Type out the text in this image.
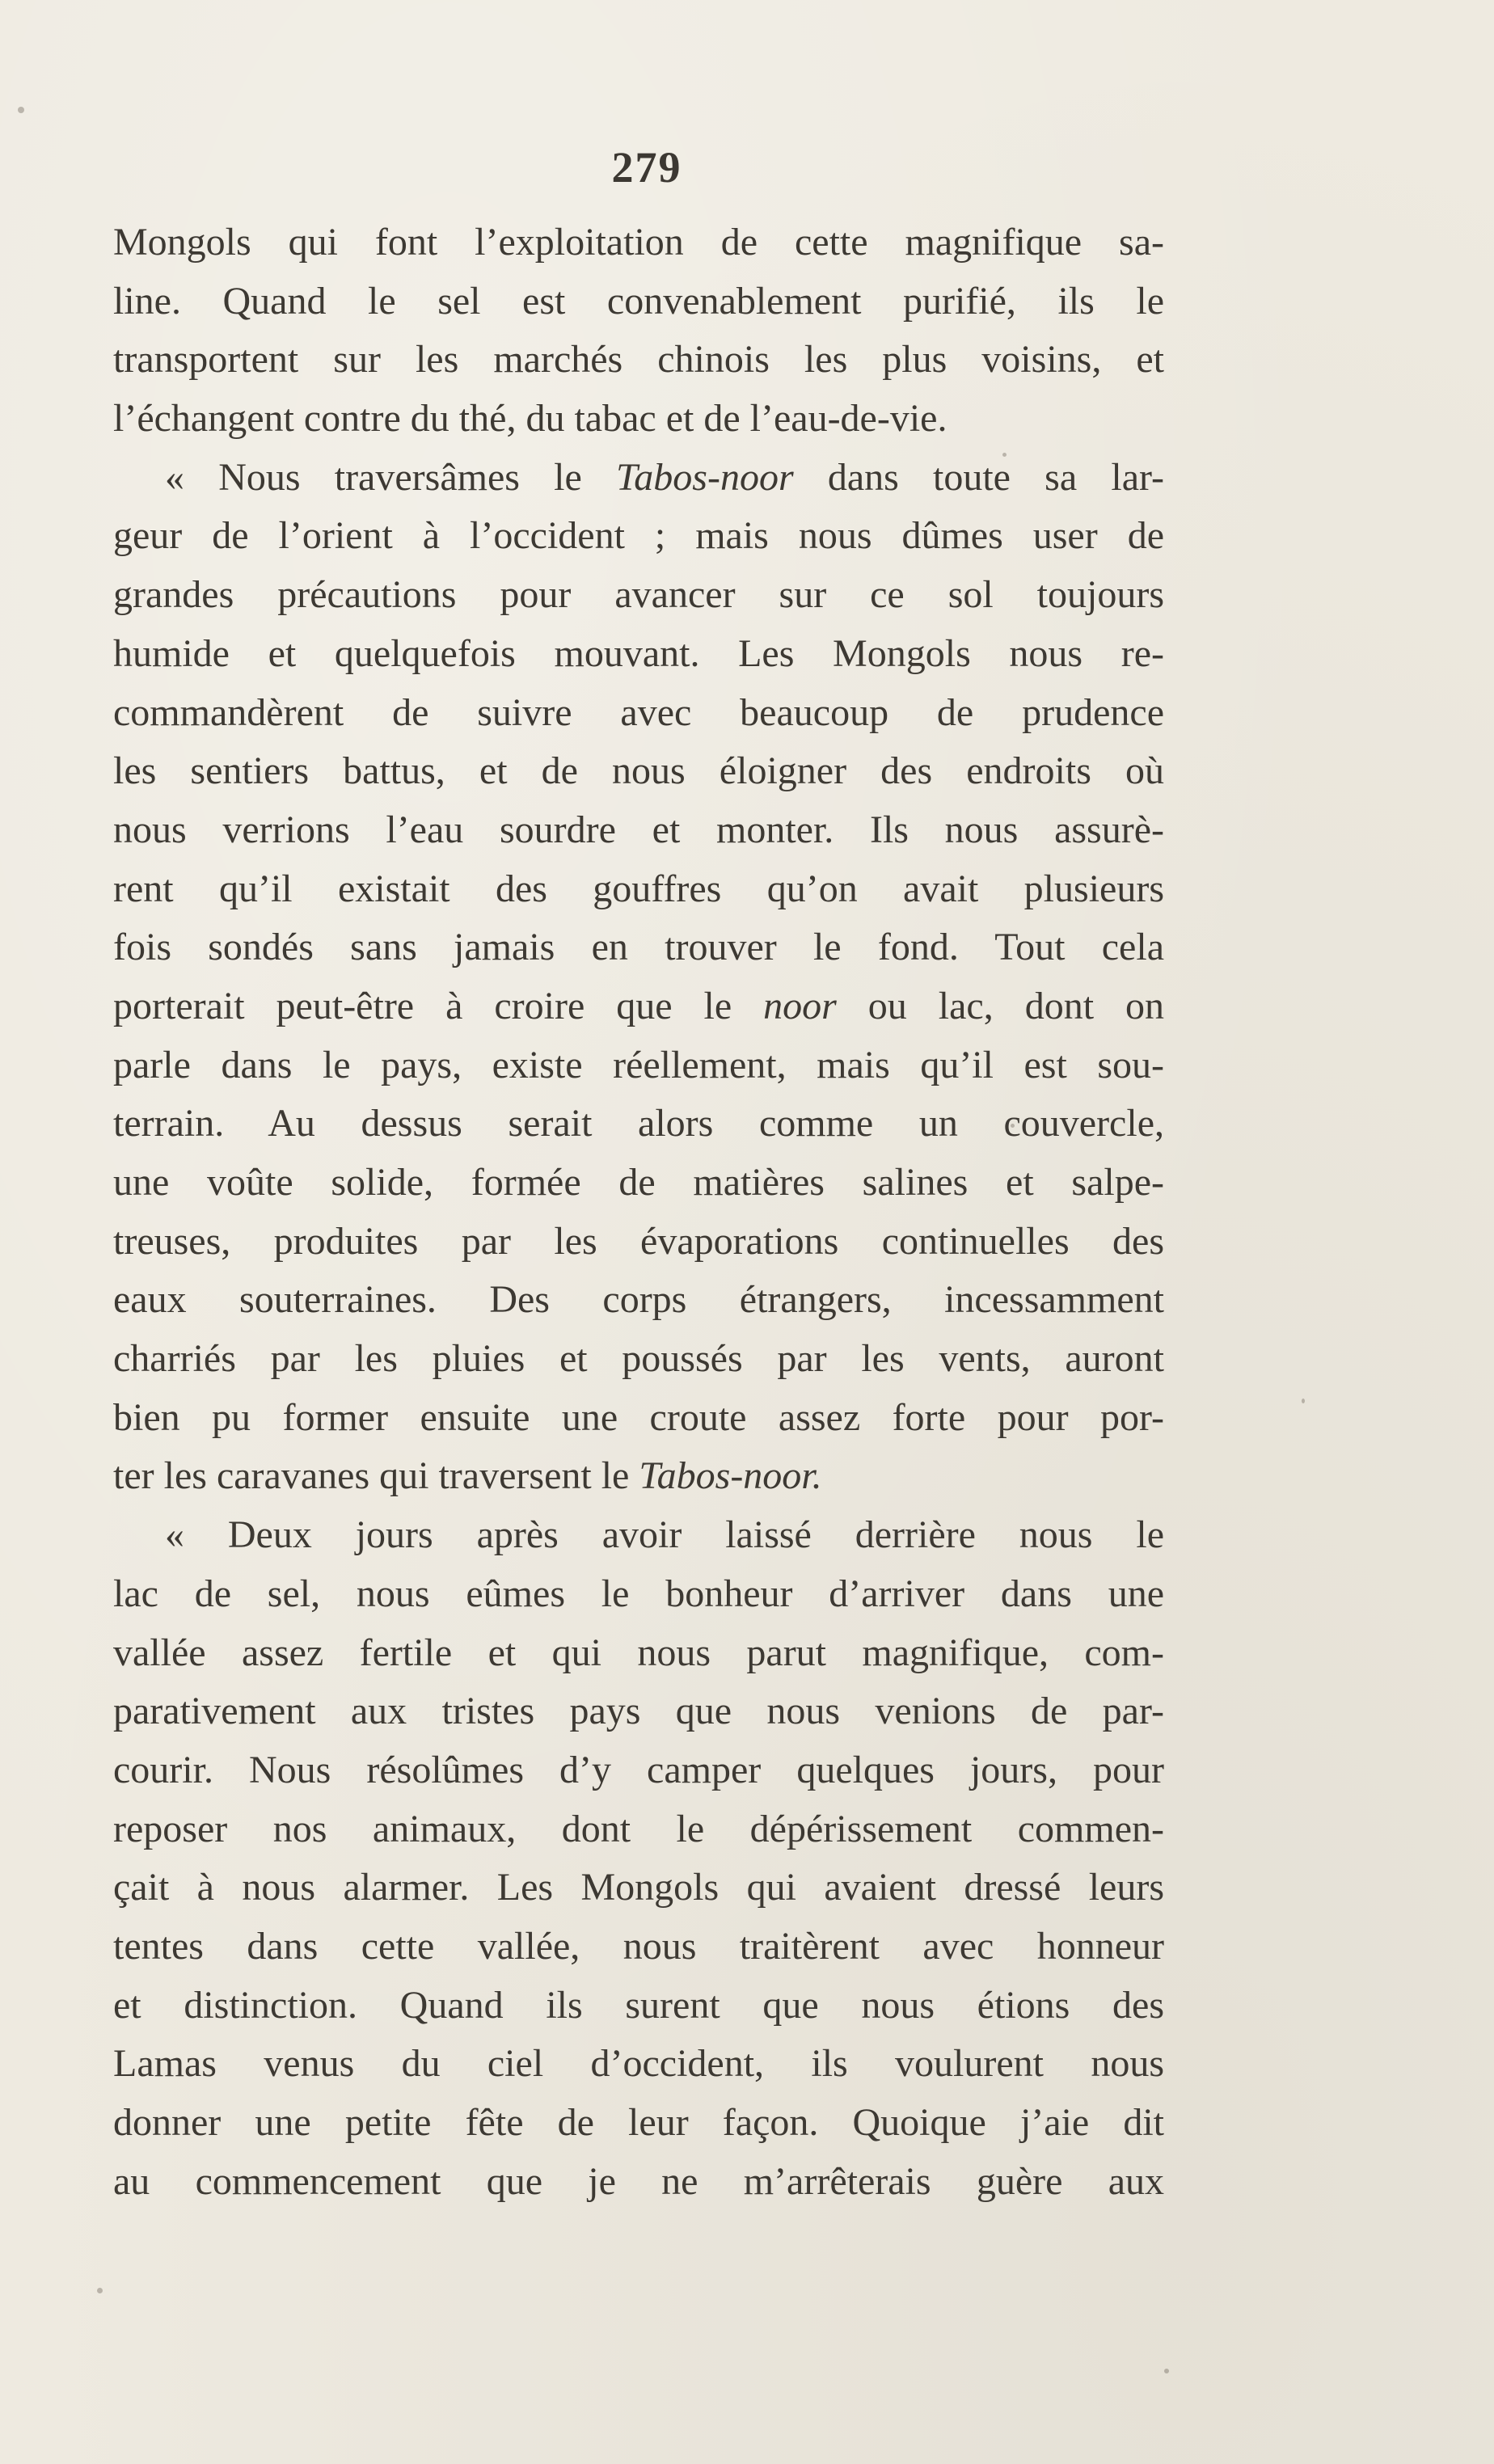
279
Mongols qui font l’exploitation de cette magnifique sa-
line. Quand le sel est convenablement purifié, ils le
transportent sur les marchés chinois les plus voisins, et
l’échangent contre du thé, du tabac et de l’eau-de-vie.
« Nous traversâmes le Tabos-noor dans toute sa lar-
geur de l’orient à l’occident ; mais nous dûmes user de
grandes précautions pour avancer sur ce sol toujours
humide et quelquefois mouvant. Les Mongols nous re-
commandèrent de suivre avec beaucoup de prudence
les sentiers battus, et de nous éloigner des endroits où
nous verrions l’eau sourdre et monter. Ils nous assurè-
rent qu’il existait des gouffres qu’on avait plusieurs
fois sondés sans jamais en trouver le fond. Tout cela
porterait peut-être à croire que le noor ou lac, dont on
parle dans le pays, existe réellement, mais qu’il est sou-
terrain. Au dessus serait alors comme un couvercle,
une voûte solide, formée de matières salines et salpe-
treuses, produites par les évaporations continuelles des
eaux souterraines. Des corps étrangers, incessamment
charriés par les pluies et poussés par les vents, auront
bien pu former ensuite une croute assez forte pour por-
ter les caravanes qui traversent le Tabos-noor.
« Deux jours après avoir laissé derrière nous le
lac de sel, nous eûmes le bonheur d’arriver dans une
vallée assez fertile et qui nous parut magnifique, com-
parativement aux tristes pays que nous venions de par-
courir. Nous résolûmes d’y camper quelques jours, pour
reposer nos animaux, dont le dépérissement commen-
çait à nous alarmer. Les Mongols qui avaient dressé leurs
tentes dans cette vallée, nous traitèrent avec honneur
et distinction. Quand ils surent que nous étions des
Lamas venus du ciel d’occident, ils voulurent nous
donner une petite fête de leur façon. Quoique j’aie dit
au commencement que je ne m’arrêterais guère aux
